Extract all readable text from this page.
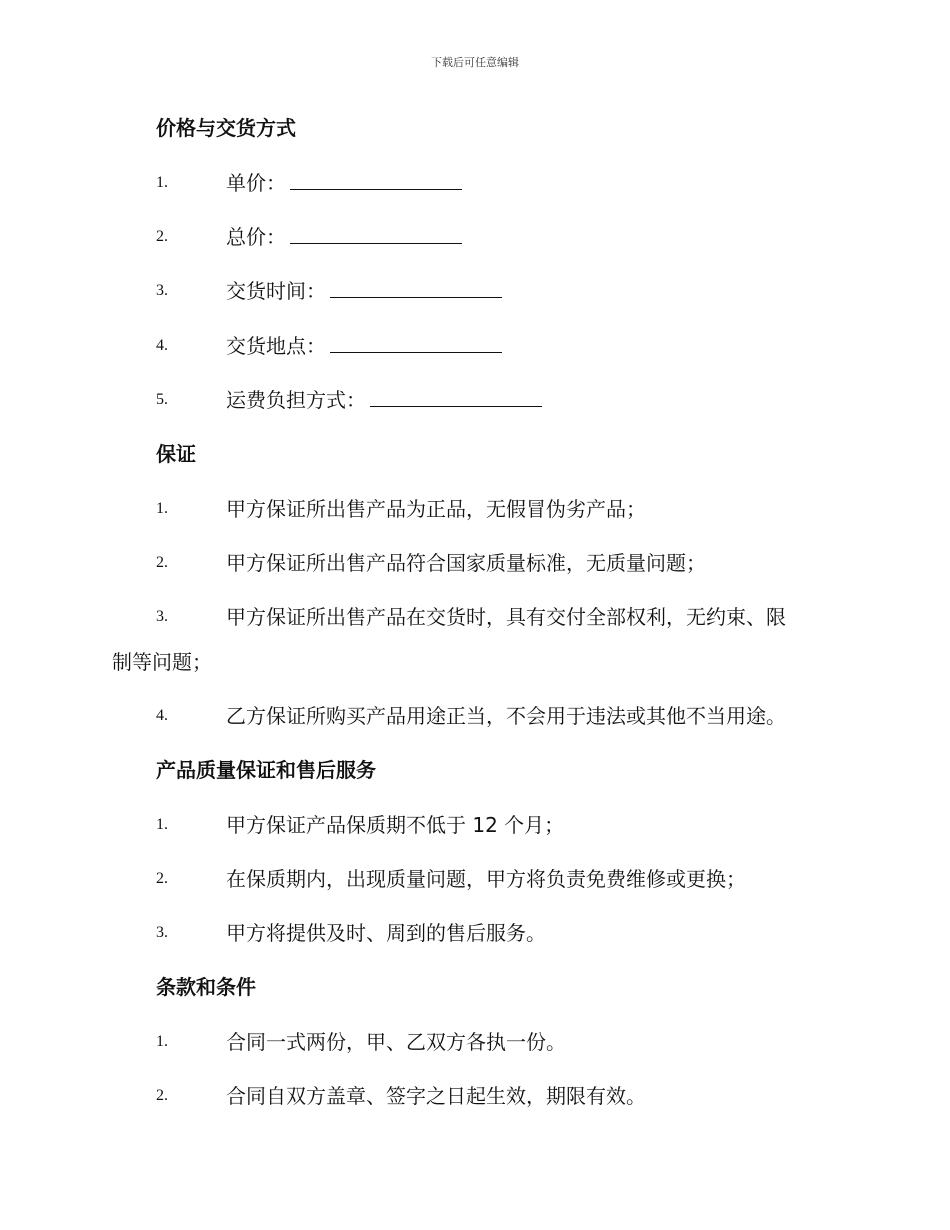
下载后可任意编辑
价格与交货方式
1.	单价：
2.	总价：
3.	交货时间：
4.	交货地点：
5.	运费负担方式：
保证
1.	甲方保证所出售产品为正品，无假冒伪劣产品；
2.	甲方保证所出售产品符合国家质量标准，无质量问题；
3.	甲方保证所出售产品在交货时，具有交付全部权利，无约束、限
制等问题；
4.	乙方保证所购买产品用途正当，不会用于违法或其他不当用途。
产品质量保证和售后服务
1.	甲方保证产品保质期不低于 12 个月；
2.	在保质期内，出现质量问题，甲方将负责免费维修或更换；
3.	甲方将提供及时、周到的售后服务。
条款和条件
1.	合同一式两份，甲、乙双方各执一份。
2.	合同自双方盖章、签字之日起生效，期限有效。
